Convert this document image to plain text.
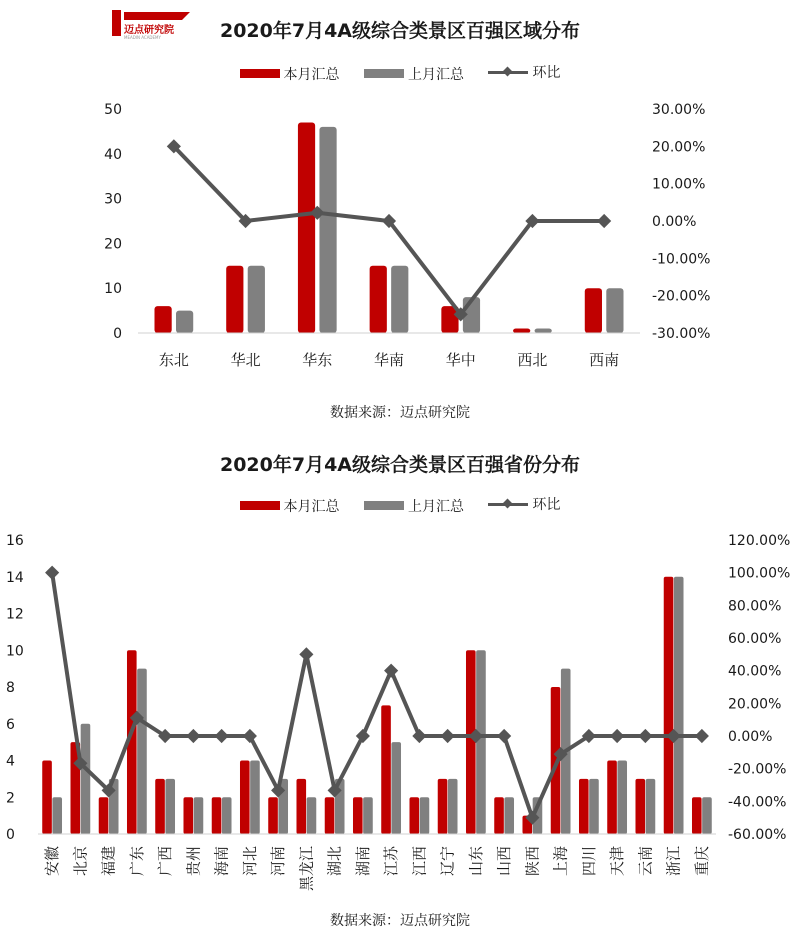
迈点研究院
MEADIN ACADEMY	2020年7月4A级综合类景区百强区域分布
本月汇总
	上月汇总
	环比
0
10
20
30
40
50
-30.00%
-20.00%
-10.00%
0.00%
10.00%
20.00%
30.00%
东北	华北	华东	华南	华中	西北	西南
数据来源：迈点研究院
2020年7月4A级综合类景区百强省份分布
本月汇总
	上月汇总
	环比
0
2
4
6
8
10
12
14
16
-60.00%
-40.00%
-20.00%
0.00%
20.00%
40.00%
60.00%
80.00%
100.00%
120.00%
安徽 北京 福建 广东 广西 贵州 海南 河北 河南 黑龙江 湖北 湖南 江苏 江西 辽宁 山东 山西 陕西 上海 四川 天津 云南 浙江 重庆
数据来源：迈点研究院
